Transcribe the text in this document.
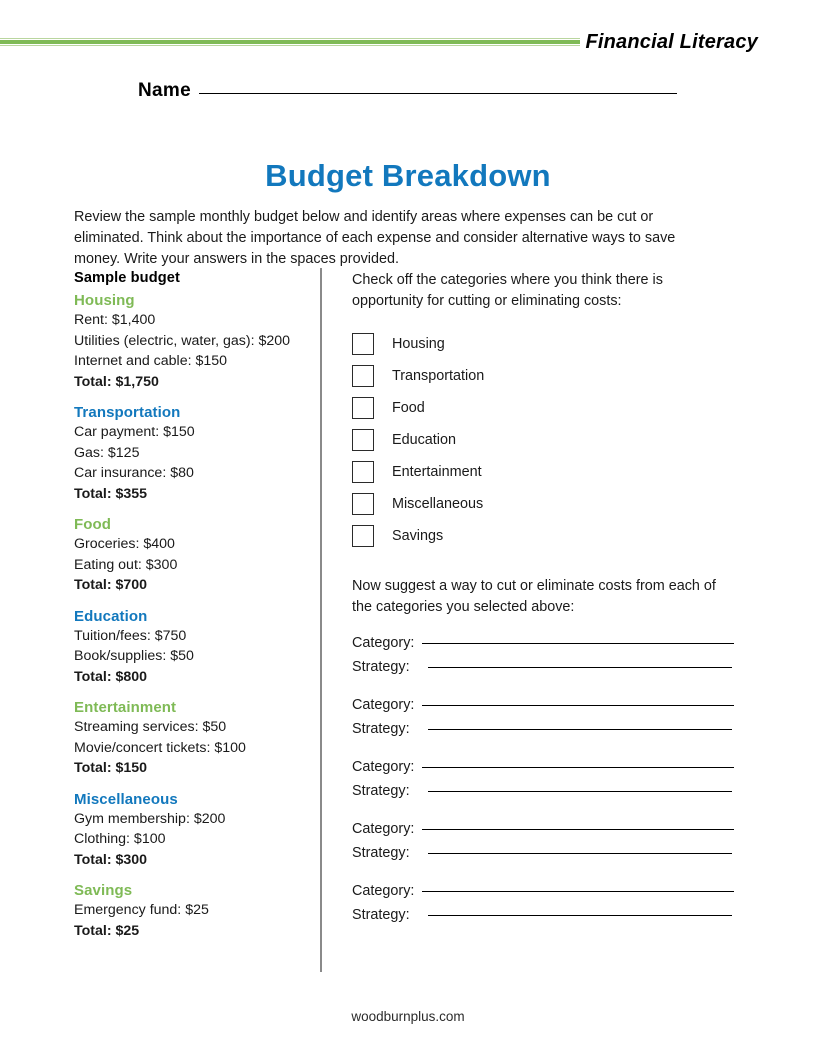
Financial Literacy
Name
Budget Breakdown

Review the sample monthly budget below and identify areas where expenses can be cut or eliminated. Think about the importance of each expense and consider alternative ways to save money. Write your answers in the spaces provided.

Sample budget
Housing
Rent: $1,400
Utilities (electric, water, gas): $200
Internet and cable: $150
Total: $1,750
Transportation
Car payment: $150
Gas: $125
Car insurance: $80
Total: $355
Food
Groceries: $400
Eating out: $300
Total: $700
Education
Tuition/fees: $750
Book/supplies: $50
Total: $800
Entertainment
Streaming services: $50
Movie/concert tickets: $100
Total: $150
Miscellaneous
Gym membership: $200
Clothing: $100
Total: $300
Savings
Emergency fund: $25
Total: $25

Check off the categories where you think there is opportunity for cutting or eliminating costs:

Housing
Transportation
Food
Education
Entertainment
Miscellaneous
Savings

Now suggest a way to cut or eliminate costs from each of the categories you selected above:

Category:
Strategy:
Category:
Strategy:
Category:
Strategy:
Category:
Strategy:
Category:
Strategy:
woodburnplus.com
